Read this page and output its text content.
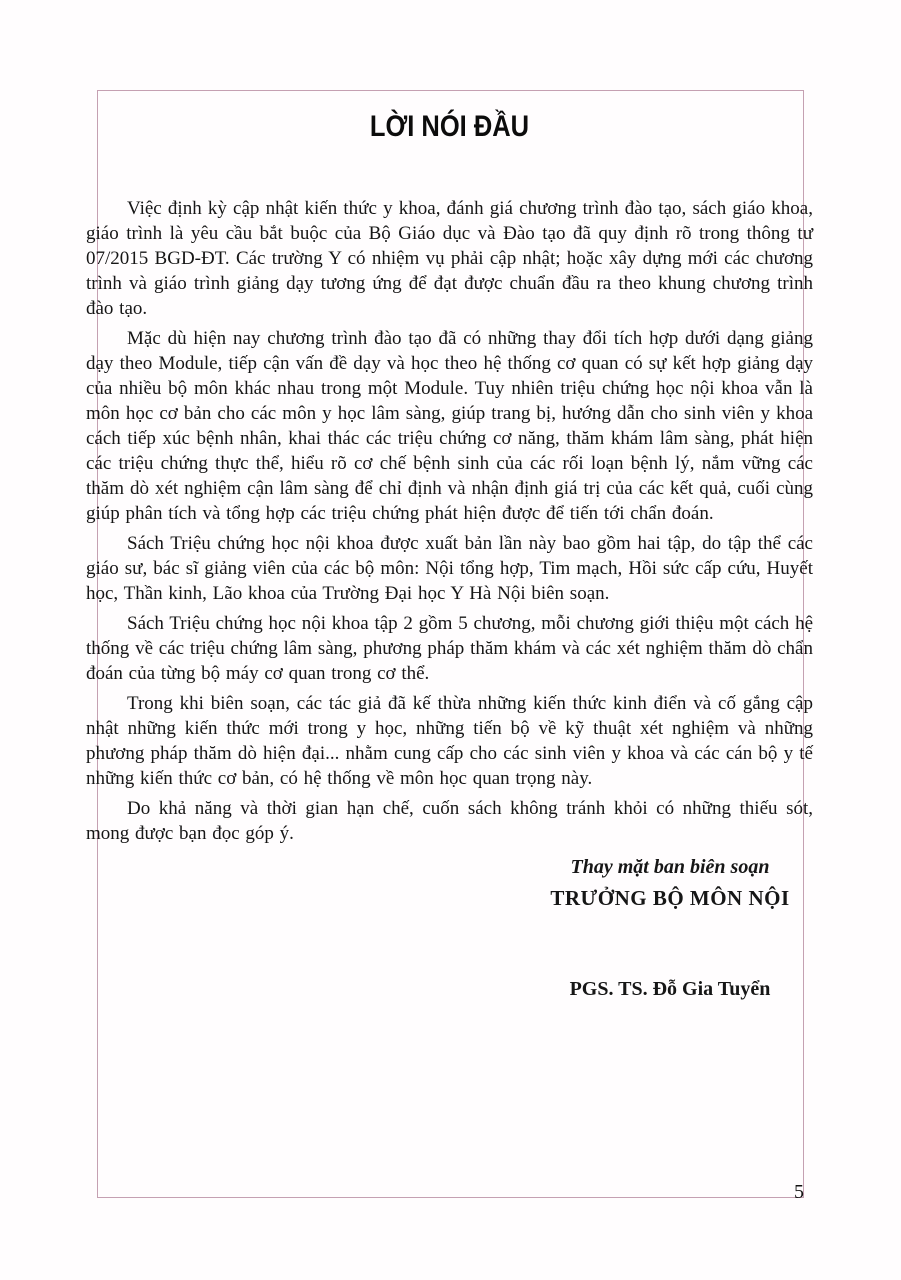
LỜI NÓI ĐẦU

Việc định kỳ cập nhật kiến thức y khoa, đánh giá chương trình đào tạo, sách giáo khoa, giáo trình là yêu cầu bắt buộc của Bộ Giáo dục và Đào tạo đã quy định rõ trong thông tư 07/2015 BGD-ĐT. Các trường Y có nhiệm vụ phải cập nhật; hoặc xây dựng mới các chương trình và giáo trình giảng dạy tương ứng để đạt được chuẩn đầu ra theo khung chương trình đào tạo.

Mặc dù hiện nay chương trình đào tạo đã có những thay đổi tích hợp dưới dạng giảng dạy theo Module, tiếp cận vấn đề dạy và học theo hệ thống cơ quan có sự kết hợp giảng dạy của nhiều bộ môn khác nhau trong một Module. Tuy nhiên triệu chứng học nội khoa vẫn là môn học cơ bản cho các môn y học lâm sàng, giúp trang bị, hướng dẫn cho sinh viên y khoa cách tiếp xúc bệnh nhân, khai thác các triệu chứng cơ năng, thăm khám lâm sàng, phát hiện các triệu chứng thực thể, hiểu rõ cơ chế bệnh sinh của các rối loạn bệnh lý, nắm vững các thăm dò xét nghiệm cận lâm sàng để chỉ định và nhận định giá trị của các kết quả, cuối cùng giúp phân tích và tổng hợp các triệu chứng phát hiện được để tiến tới chẩn đoán.

Sách Triệu chứng học nội khoa được xuất bản lần này bao gồm hai tập, do tập thể các giáo sư, bác sĩ giảng viên của các bộ môn: Nội tổng hợp, Tim mạch, Hồi sức cấp cứu, Huyết học, Thần kinh, Lão khoa của Trường Đại học Y Hà Nội biên soạn.

Sách Triệu chứng học nội khoa tập 2 gồm 5 chương, mỗi chương giới thiệu một cách hệ thống về các triệu chứng lâm sàng, phương pháp thăm khám và các xét nghiệm thăm dò chẩn đoán của từng bộ máy cơ quan trong cơ thể.

Trong khi biên soạn, các tác giả đã kế thừa những kiến thức kinh điển và cố gắng cập nhật những kiến thức mới trong y học, những tiến bộ về kỹ thuật xét nghiệm và những phương pháp thăm dò hiện đại... nhằm cung cấp cho các sinh viên y khoa và các cán bộ y tế những kiến thức cơ bản, có hệ thống về môn học quan trọng này.

Do khả năng và thời gian hạn chế, cuốn sách không tránh khỏi có những thiếu sót, mong được bạn đọc góp ý.

Thay mặt ban biên soạn
TRƯỞNG BỘ MÔN NỘI
PGS. TS. Đỗ Gia Tuyển
5
